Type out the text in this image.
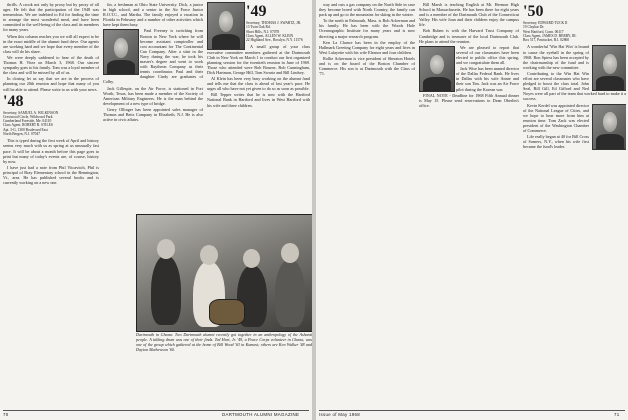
thrills. A crook not only by proxy but by proxy of all ages. He felt that the participation of the 1948 was tremendous. We are indebted to Ed for finding the time to arrange the most wonderful meal, and have been committed to the well-being of the class and its members for many years.

When this column reaches you we will all expect to be in the exact middle of the alumni fund drive. Our agents are working hard and we hope that every member of the class will do his share.

We were deeply saddened to hear of the death of Thomas H. Vitez on March 3, 1968. Our sincere sympathy goes to his family. Tom was a loyal member of the class and will be missed by all of us.

In closing let us say that we are in the process of planning our 20th reunion and hope that many of you will be able to attend. Please write to us with your news.

'48
Secretary, SAMUEL A. WILKINSON
Crestwood Circle, Wildwood Park
Cumberland Foreside, Me. 04110
Class Agent, ROBERT B. STILES
Apt. 3-G, 1300 Boulevard East
North Bergen, N.J. 07047

This is typed during the first week of April and history seems very much with us as spring at us unusually fast pace. It will be about a month before this page goes to print but many of today's events are, of course, history by now.

I have just had a note from Phil Vitcavitch, Phil is principal of Bray Elementary school in the Bennington, Vt., area. He has published several books and is currently working on a new one.

fin, a freshman at Ohio State University. Dick, a junior in high school, and a senior in the Air Force Junior R.O.T.C., and Martha. The family enjoyed a vacation in Florida in February and a number of other activities which have kept them busy.

Paul Freeney is switching from Boston to New York where he will become assistant comptroller and cost accountant for The Continental Can Company. After a stint in the Navy during the war, he took his master's degree and went to work with Raytheon Company as their tennis coordinator. Paul and their daughter Cindy are graduates of Colby.

Jack Gillespie, on the Air Force, is stationed in Fort Worth, Texas, has been made a member of the Society of American Military Engineers. He is the man behind the development of a new type of bridge.

Gerry Ollinger has been appointed sales manager of Thomas and Betts Company in Elizabeth, N.J. He is also active in civic affairs.

'49
Secretary, THOMAS J. SWARTZ, JR.
13 Twin Oak Rd.
Short Hills, N.J. 07078
Class Agent, ALLEN W. KLEIN
22 Highland Ave., Rosslyn, N.Y. 11576

A small group of your class executive committee members gathered at the Dartmouth Club in New York on March 1 to conduct our first organized planning session for the twentieth reunion in June of 1969. Those who attended were Bob Bourne, Bob Cunningham, Dick Hartman, George Hill, Tom Swartz and Bill Lindsey.

Al Klein has been very busy working on the alumni fund and tells me that the class is ahead of last year's pace. He urges all who have not yet given to do so as soon as possible.

Bill Tepper writes that he is now with the Hartford National Bank in Hartford and lives in West Hartford with his wife and three children.

Dartmouth in Ghana: Two Dartmouth alumni recently got together in an anthropology of the Ashanti people. A talking drum was one of their finds. Ted Hart, Jr. '49, a Peace Corps volunteer in Ghana, was one of the group which gathered at the home of Bill Wood '63 in Kumasi; others are Ken Walker '48 and Dayton Mathewson '60.
70	DARTMOUTH ALUMNI MAGAZINE

way and cuts a gas company on the North Side in case they become bored with North Country, the family can pack up and go to the mountains for skiing in the winter.

To the north in Falmouth, Mass. is Bob Ackerman and his family. He has been with the Woods Hole Oceanographic Institute for many years and is now directing a major research program.

Ken La Chance has been in the employ of the Hallmark Greeting Company for eight years and lives in West Lafayette with his wife Eleanor and four children.

Rollie Ackerman is vice president of Sheraton Hotels and is on the board of the Boston Chamber of Commerce. His son is at Dartmouth with the Class of '71.

Bill Marsh is teaching English at Mt. Hermon High School in Massachusetts. He has been there for eight years and is a member of the Dartmouth Club of the Connecticut Valley. His wife Joan and their children enjoy the campus life.

Bob Ruben is with the Harvard Trust Company of Cambridge and is treasurer of the local Dartmouth Club. He plans to attend the reunion.

We are pleased to report that several of our classmates have been elected to public office this spring, and we congratulate them all.

Jack Wise has been named director of the Dallas Federal Bank. He lives in Dallas with his wife Annie and their son Tim. Jack was an Air Force pilot during the Korean war.

FINAL NOTE - Deadline for 1968 Fifth Annual dinner is May 15. Please send reservations to Dean Oberlin's office.

'50
Secretary, EDWARD TUCK II
19 Claybar Dr.
West Hartford, Conn. 06117
Class Agent, JAMES D. BERRY, JR.
Box 517, Pawtucket, R.I. 02860

A wonderful 'Win Hat Win' is bound to cause the eyeball in the spring of 1968. Ron Spiess has been accepted by the chairmanship of the fund and is working with the new committee.

Contributing to the Win Hat Win effort are several classmates who have pledged to boost the class total. John Seal, Bill Gill, Ed Gifford and Ned Noyes were all part of the team that worked hard to make it a success.

Kevin Kerdel was appointed director of the National League of Cities, and we hope to hear more from him at reunion time. Tom Zack was elected president of the Washington Chamber of Commerce.

Life really began at 40 for Bill Cross of Somers, N.Y., when his wife first became the fund's leader.

Issue of May 1968	71
